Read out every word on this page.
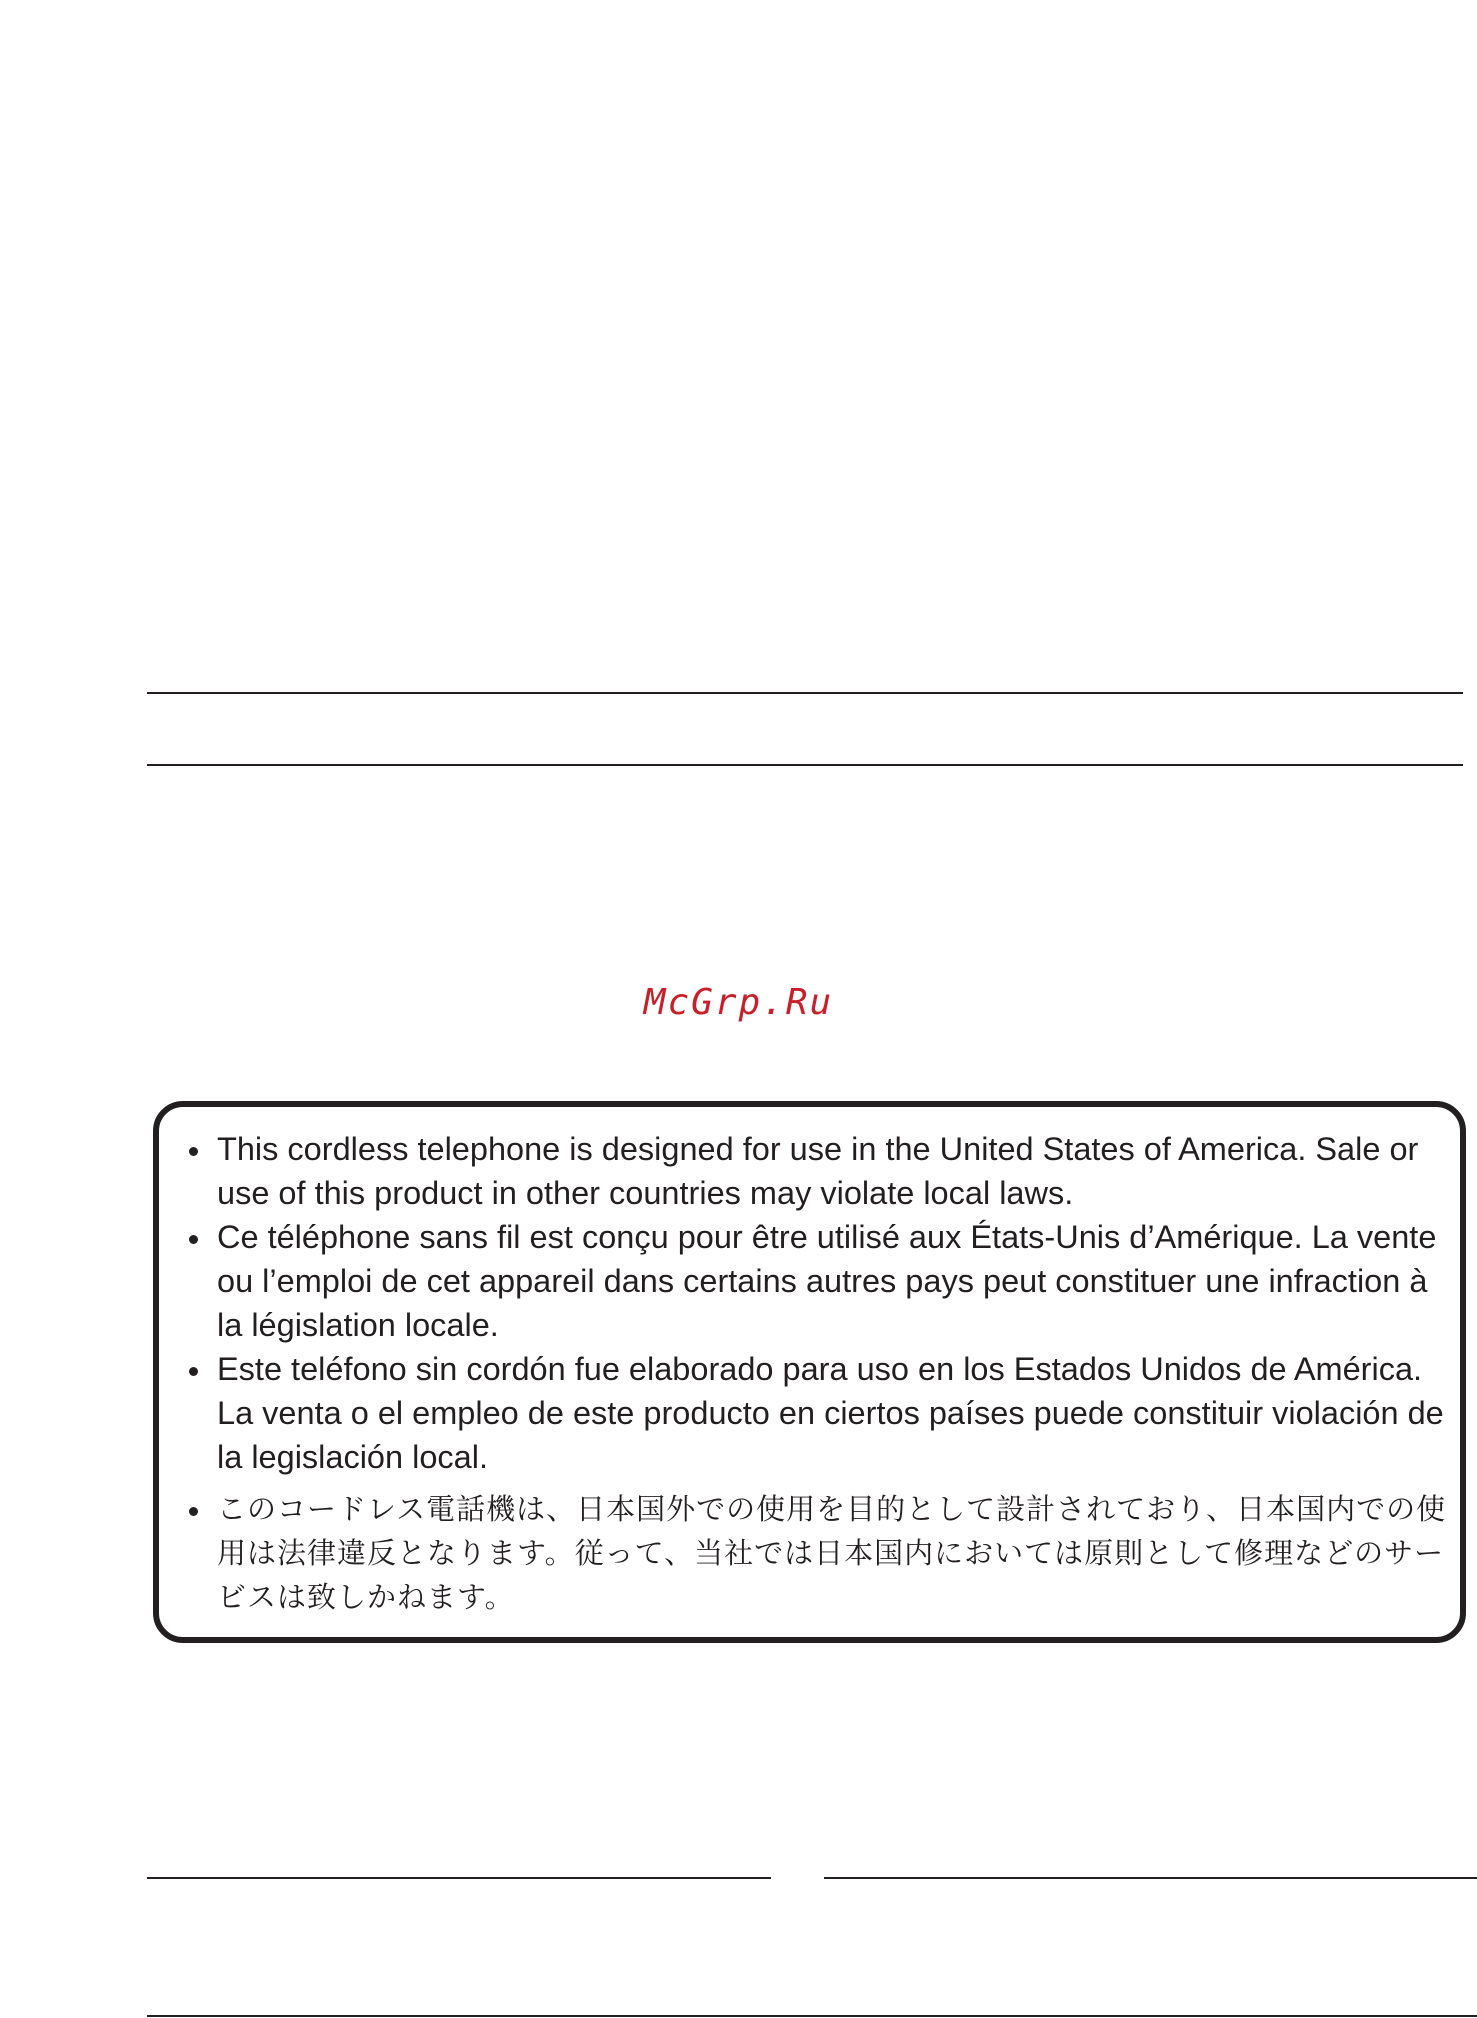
McGrp.Ru
This cordless telephone is designed for use in the United States of America. Sale or use of this product in other countries may violate local laws.
Ce téléphone sans fil est conçu pour être utilisé aux États-Unis d’Amérique. La vente ou l’emploi de cet appareil dans certains autres pays peut constituer une infraction à la législation locale.
Este teléfono sin cordón fue elaborado para uso en los Estados Unidos de América. La venta o el empleo de este producto en ciertos países puede constituir violación de la legislación local.
このコードレス電話機は、日本国外での使用を目的として設計されており、日本国内での使用は法律違反となります。従って、当社では日本国内においては原則として修理などのサービスは致しかねます。
